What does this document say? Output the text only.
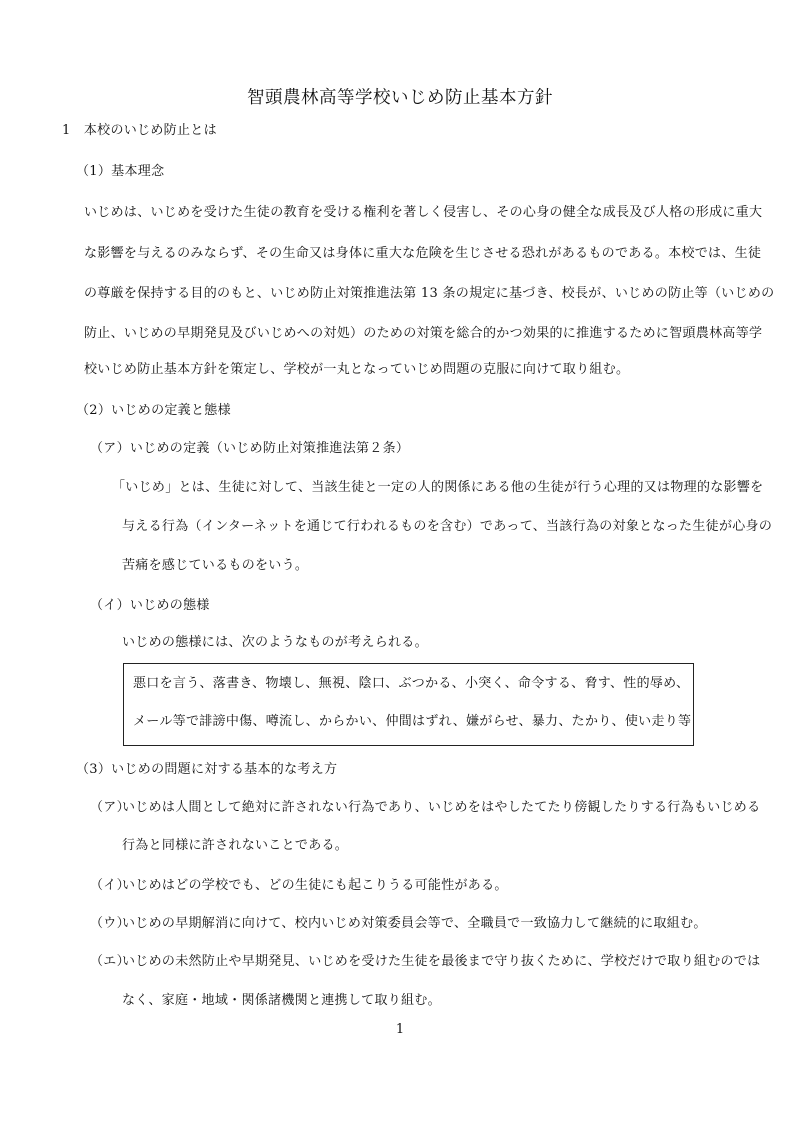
智頭農林高等学校いじめ防止基本方針
1　本校のいじめ防止とは
（1）基本理念
いじめは、いじめを受けた生徒の教育を受ける権利を著しく侵害し、その心身の健全な成長及び人格の形成に重大
な影響を与えるのみならず、その生命又は身体に重大な危険を生じさせる恐れがあるものである。本校では、生徒
の尊厳を保持する目的のもと、いじめ防止対策推進法第 13 条の規定に基づき、校長が、いじめの防止等（いじめの
防止、いじめの早期発見及びいじめへの対処）のための対策を総合的かつ効果的に推進するために智頭農林高等学
校いじめ防止基本方針を策定し、学校が一丸となっていじめ問題の克服に向けて取り組む。
（2）いじめの定義と態様
（ア）いじめの定義（いじめ防止対策推進法第２条）
「いじめ」とは、生徒に対して、当該生徒と一定の人的関係にある他の生徒が行う心理的又は物理的な影響を
与える行為（インターネットを通じて行われるものを含む）であって、当該行為の対象となった生徒が心身の
苦痛を感じているものをいう。
（イ）いじめの態様
いじめの態様には、次のようなものが考えられる。
悪口を言う、落書き、物壊し、無視、陰口、ぶつかる、小突く、命令する、脅す、性的辱め、
メール等で誹謗中傷、噂流し、からかい、仲間はずれ、嫌がらせ、暴力、たかり、使い走り等
（3）いじめの問題に対する基本的な考え方
（ア）
いじめは人間として絶対に許されない行為であり、いじめをはやしたてたり傍観したりする行為もいじめる
行為と同様に許されないことである。
（イ）
いじめはどの学校でも、どの生徒にも起こりうる可能性がある。
（ウ）
いじめの早期解消に向けて、校内いじめ対策委員会等で、全職員で一致協力して継続的に取組む。
（エ）
いじめの未然防止や早期発見、いじめを受けた生徒を最後まで守り抜くために、学校だけで取り組むのでは
なく、家庭・地域・関係諸機関と連携して取り組む。
1
